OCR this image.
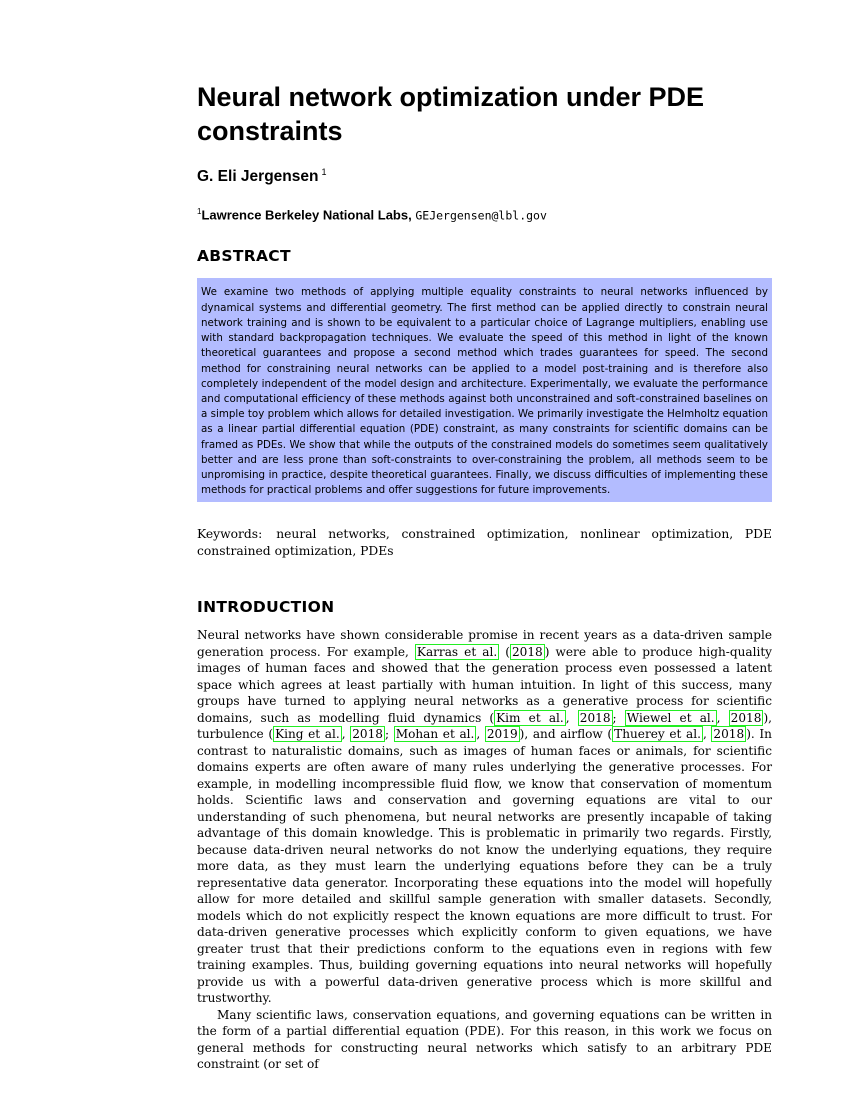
Neural network optimization under PDE constraints
G. Eli Jergensen $^1$
$^1$Lawrence Berkeley National Labs, GEJergensen@lbl.gov
ABSTRACT
We examine two methods of applying multiple equality constraints to neural networks influenced by dynamical systems and differential geometry. The first method can be applied directly to constrain neural network training and is shown to be equivalent to a particular choice of Lagrange multipliers, enabling use with standard backpropagation techniques. We evaluate the speed of this method in light of the known theoretical guarantees and propose a second method which trades guarantees for speed. The second method for constraining neural networks can be applied to a model post-training and is therefore also completely independent of the model design and architecture. Experimentally, we evaluate the performance and computational efficiency of these methods against both unconstrained and soft-constrained baselines on a simple toy problem which allows for detailed investigation. We primarily investigate the Helmholtz equation as a linear partial differential equation (PDE) constraint, as many constraints for scientific domains can be framed as PDEs. We show that while the outputs of the constrained models do sometimes seem qualitatively better and are less prone than soft-constraints to over-constraining the problem, all methods seem to be unpromising in practice, despite theoretical guarantees. Finally, we discuss difficulties of implementing these methods for practical problems and offer suggestions for future improvements.
Keywords: neural networks, constrained optimization, nonlinear optimization, PDE constrained optimization, PDEs
INTRODUCTION

Neural networks have shown considerable promise in recent years as a data-driven sample generation process. For example, Karras et al. ( 2018 ) were able to produce high-quality images of human faces and showed that the generation process even possessed a latent space which agrees at least partially with human intuition. In light of this success, many groups have turned to applying neural networks as a generative process for scientific domains, such as modelling fluid dynamics ( Kim et al. , 2018 ; Wiewel et al. , 2018 ), turbulence ( King et al. , 2018 ; Mohan et al. , 2019 ), and airflow ( Thuerey et al. , 2018 ). In contrast to naturalistic domains, such as images of human faces or animals, for scientific domains experts are often aware of many rules underlying the generative processes. For example, in modelling incompressible fluid flow, we know that conservation of momentum holds. Scientific laws and conservation and governing equations are vital to our understanding of such phenomena, but neural networks are presently incapable of taking advantage of this domain knowledge. This is problematic in primarily two regards. Firstly, because data-driven neural networks do not know the underlying equations, they require more data, as they must learn the underlying equations before they can be a truly representative data generator. Incorporating these equations into the model will hopefully allow for more detailed and skillful sample generation with smaller datasets. Secondly, models which do not explicitly respect the known equations are more difficult to trust. For data-driven generative processes which explicitly conform to given equations, we have greater trust that their predictions conform to the equations even in regions with few training examples. Thus, building governing equations into neural networks will hopefully provide us with a powerful data-driven generative process which is more skillful and trustworthy.

Many scientific laws, conservation equations, and governing equations can be written in the form of a partial differential equation (PDE). For this reason, in this work we focus on general methods for constructing neural networks which satisfy to an arbitrary PDE constraint (or set of
